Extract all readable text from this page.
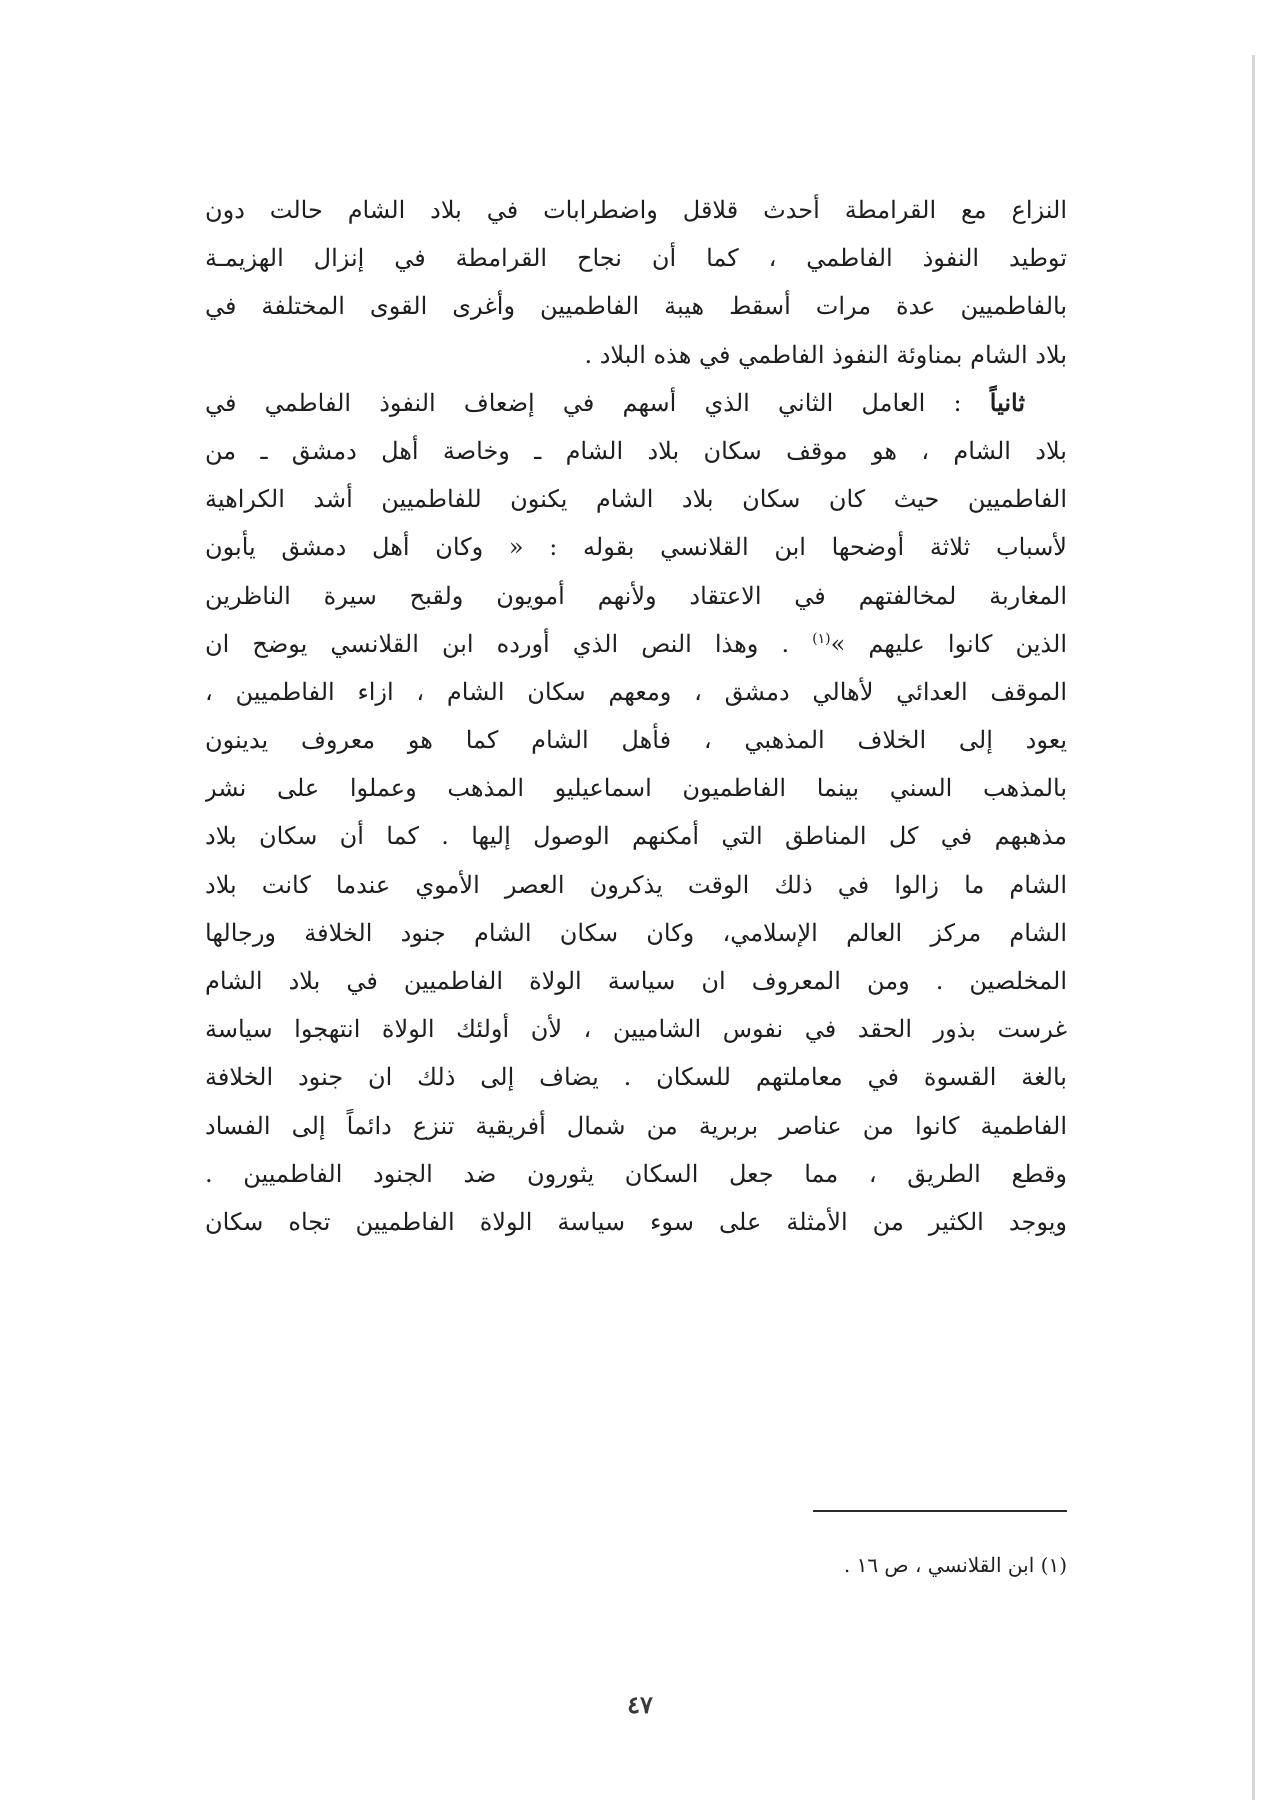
النزاع مع القرامطة أحدث قلاقل واضطرابات في بلاد الشام حالت دون
توطيد النفوذ الفاطمي ، كما أن نجاح القرامطة في إنزال الهزيمـة
بالفاطميين عدة مرات أسقط هيبة الفاطميين وأغرى القوى المختلفة في
بلاد الشام بمناوئة النفوذ الفاطمي في هذه البلاد .
ثانياً : العامل الثاني الذي أسهم في إضعاف النفوذ الفاطمي في
بلاد الشام ، هو موقف سكان بلاد الشام ـ وخاصة أهل دمشق ـ من
الفاطميين حيث كان سكان بلاد الشام يكنون للفاطميين أشد الكراهية
لأسباب ثلاثة أوضحها ابن القلانسي بقوله : « وكان أهل دمشق يأبون
المغاربة لمخالفتهم في الاعتقاد ولأنهم أمويون ولقبح سيرة الناظرين
الذين كانوا عليهم »$^{(١)}$ . وهذا النص الذي أورده ابن القلانسي يوضح ان
الموقف العدائي لأهالي دمشق ، ومعهم سكان الشام ، ازاء الفاطميين ،
يعود إلى الخلاف المذهبي ، فأهل الشام كما هو معروف يدينون
بالمذهب السني بينما الفاطميون اسماعيليو المذهب وعملوا على نشر
مذهبهم في كل المناطق التي أمكنهم الوصول إليها . كما أن سكان بلاد
الشام ما زالوا في ذلك الوقت يذكرون العصر الأموي عندما كانت بلاد
الشام مركز العالم الإسلامي، وكان سكان الشام جنود الخلافة ورجالها
المخلصين . ومن المعروف ان سياسة الولاة الفاطميين في بلاد الشام
غرست بذور الحقد في نفوس الشاميين ، لأن أولئك الولاة انتهجوا سياسة
بالغة القسوة في معاملتهم للسكان . يضاف إلى ذلك ان جنود الخلافة
الفاطمية كانوا من عناصر بربرية من شمال أفريقية تنزع دائماً إلى الفساد
وقطع الطريق ، مما جعل السكان يثورون ضد الجنود الفاطميين .
ويوجد الكثير من الأمثلة على سوء سياسة الولاة الفاطميين تجاه سكان
(١) ابن القلانسي ، ص ١٦ .
٤٧
